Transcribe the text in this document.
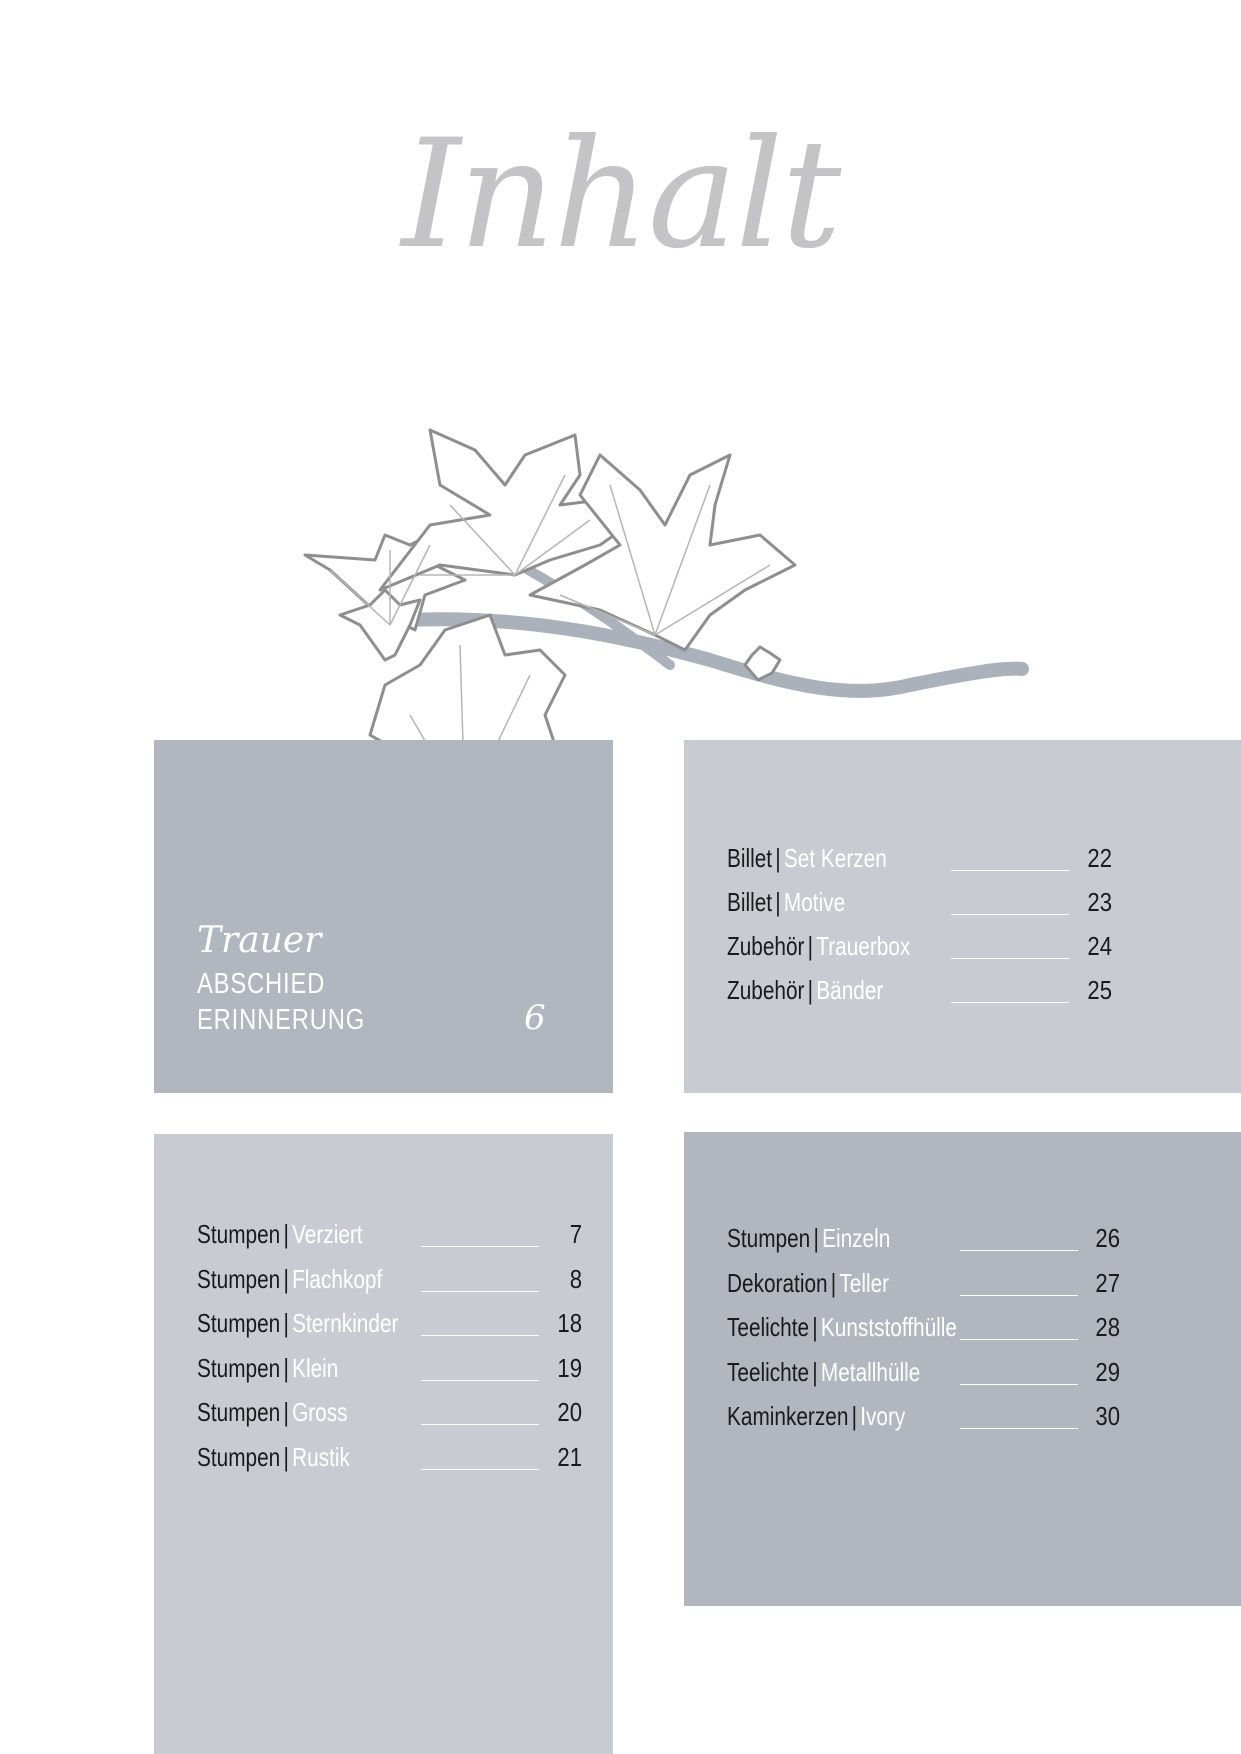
Inhalt
Trauer
ABSCHIED
ERINNERUNG	6
Billet | Set Kerzen	22
Billet | Motive	23
Zubehör | Trauerbox	24
Zubehör | Bänder	25
Stumpen | Verziert	7
Stumpen | Flachkopf	8
Stumpen | Sternkinder	18
Stumpen | Klein	19
Stumpen | Gross	20
Stumpen | Rustik	21
Stumpen | Einzeln	26
Dekoration | Teller	27
Teelichte | Kunststoffhülle	28
Teelichte | Metallhülle	29
Kaminkerzen | Ivory	30
